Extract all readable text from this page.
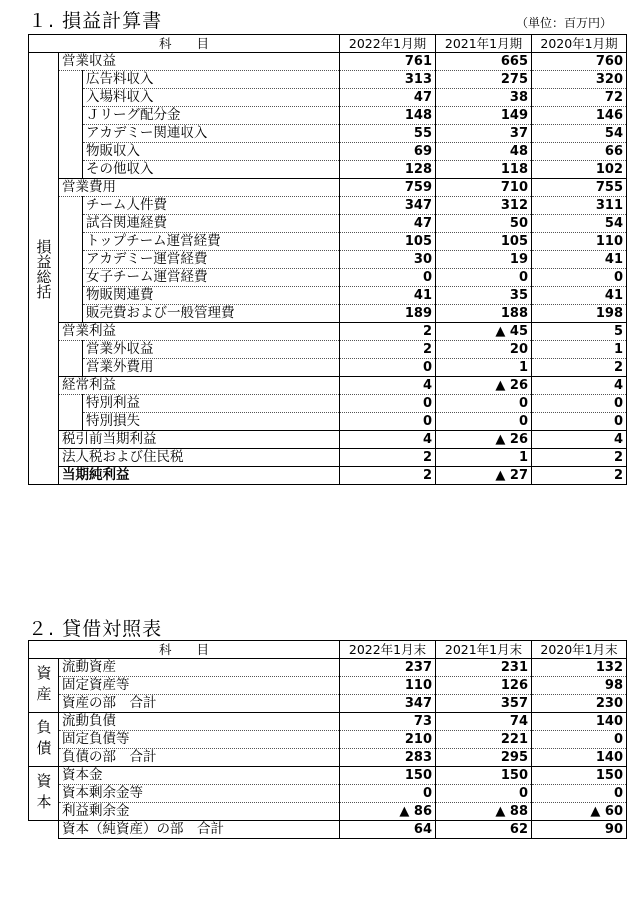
１. 損益計算書	（単位：百万円）
科　　目			2022年1月期	2021年1月期	2020年1月期
損益総括	営業収益		761	665	760
		広告料収入	313	275	320
		入場料収入	47	38	72
		Ｊリーグ配分金	148	149	146
		アカデミー関連収入	55	37	54
		物販収入	69	48	66
		その他収入	128	118	102
	営業費用		759	710	755
		チーム人件費	347	312	311
		試合関連経費	47	50	54
		トップチーム運営経費	105	105	110
		アカデミー運営経費	30	19	41
		女子チーム運営経費	0	0	0
		物販関連費	41	35	41
		販売費および一般管理費	189	188	198
	営業利益		2	▲ 45	5
		営業外収益	2	20	1
		営業外費用	0	1	2
	経常利益		4	▲ 26	4
		特別利益	0	0	0
		特別損失	0	0	0
	税引前当期利益		4	▲ 26	4
	法人税および住民税		2	1	2
	当期純利益		2	▲ 27	2
２. 貸借対照表
科　　目		2022年1月末	2021年1月末	2020年1月末
資産	流動資産	237	231	132
	固定資産等	110	126	98
	資産の部　合計	347	357	230
負債	流動負債	73	74	140
	固定負債等	210	221	0
	負債の部　合計	283	295	140
資本	資本金	150	150	150
	資本剰余金等	0	0	0
	利益剰余金	▲ 86	▲ 88	▲ 60
	資本（純資産）の部　合計	64	62	90
